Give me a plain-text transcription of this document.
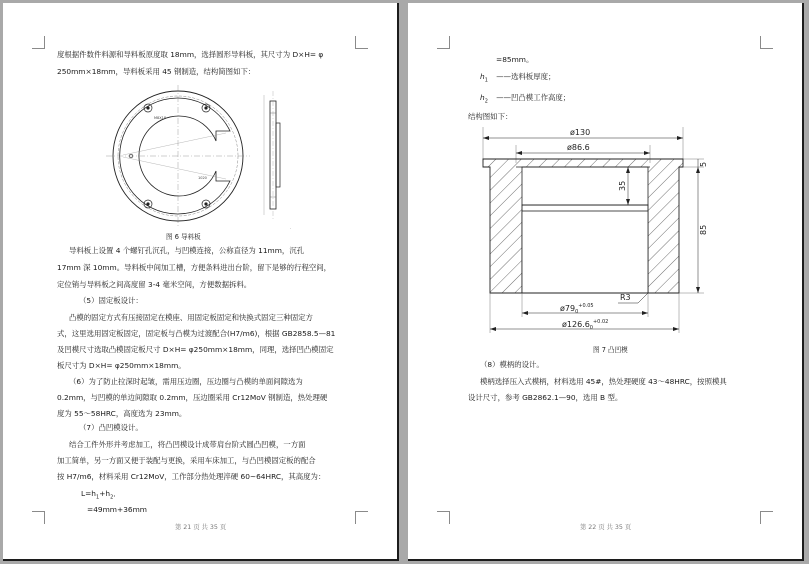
度根据件数件料源和导料板原度取 18mm，选择圆形导料板，其尺寸为 D×H= φ
250mm×18mm，导料板采用 45 钢制造，结构简图如下：
M8X18
1020
.
图 6 导料板
导料板上设置 4 个螺钉孔沉孔，与凹模连接，公称直径为 11mm，沉孔
17mm 深 10mm。导料板中间加工槽，方便条料进出台阶，留下是够的行程空间，
定位销与导料板之间高度留 3-4 毫米空间，方便数据拆料。
（5）固定板设计：
凸模的固定方式有压接固定在模座、用固定板固定和快换式固定三种固定方
式，这里选用固定板固定，固定板与凸模为过渡配合(H7/m6)，根据 GB2858.5—81
及凹模尺寸选取凸模固定板尺寸 D×H= φ250mm×18mm，同理，选择凹凸模固定
板尺寸为 D×H= φ250mm×18mm。
（6）为了防止拉深时起皱，需用压边圈，压边圈与凸模的单面间隙选为
0.2mm，与凹模的单边间隙取 0.2mm，压边圈采用 Cr12MoV 钢制造，热处理硬
度为 55～58HRC，高度选为 23mm。
（7）凸凹模设计。
结合工件外形并考虑加工，将凸凹模设计成带肩台阶式圆凸凹模，一方面
加工简单，另一方面又便于装配与更换，采用车床加工，与凸凹模固定板的配合
按 H7/m6，材料采用 Cr12MoV，工作部分热处理淬硬 60~64HRC，其高度为：
$L=h_1+h_2$．
=49mm+36mm
第 21 页 共 35 页
=85mm。
$h_1$ ——选料板厚度；
$h_2$ ——凹凸模工作高度；
结构图如下：
ø130
ø86.6
35
5
85
R3
$ø79_0^{+0.05}$
$ø126.6_0^{+0.02}$
图 7 凸凹模
（8）模柄的设计。
模柄选择压入式模柄，材料选用 45#，热处理硬度 43～48HRC，按照模具
设计尺寸，参考 GB2862.1—90，选用 B 型。
第 22 页 共 35 页
